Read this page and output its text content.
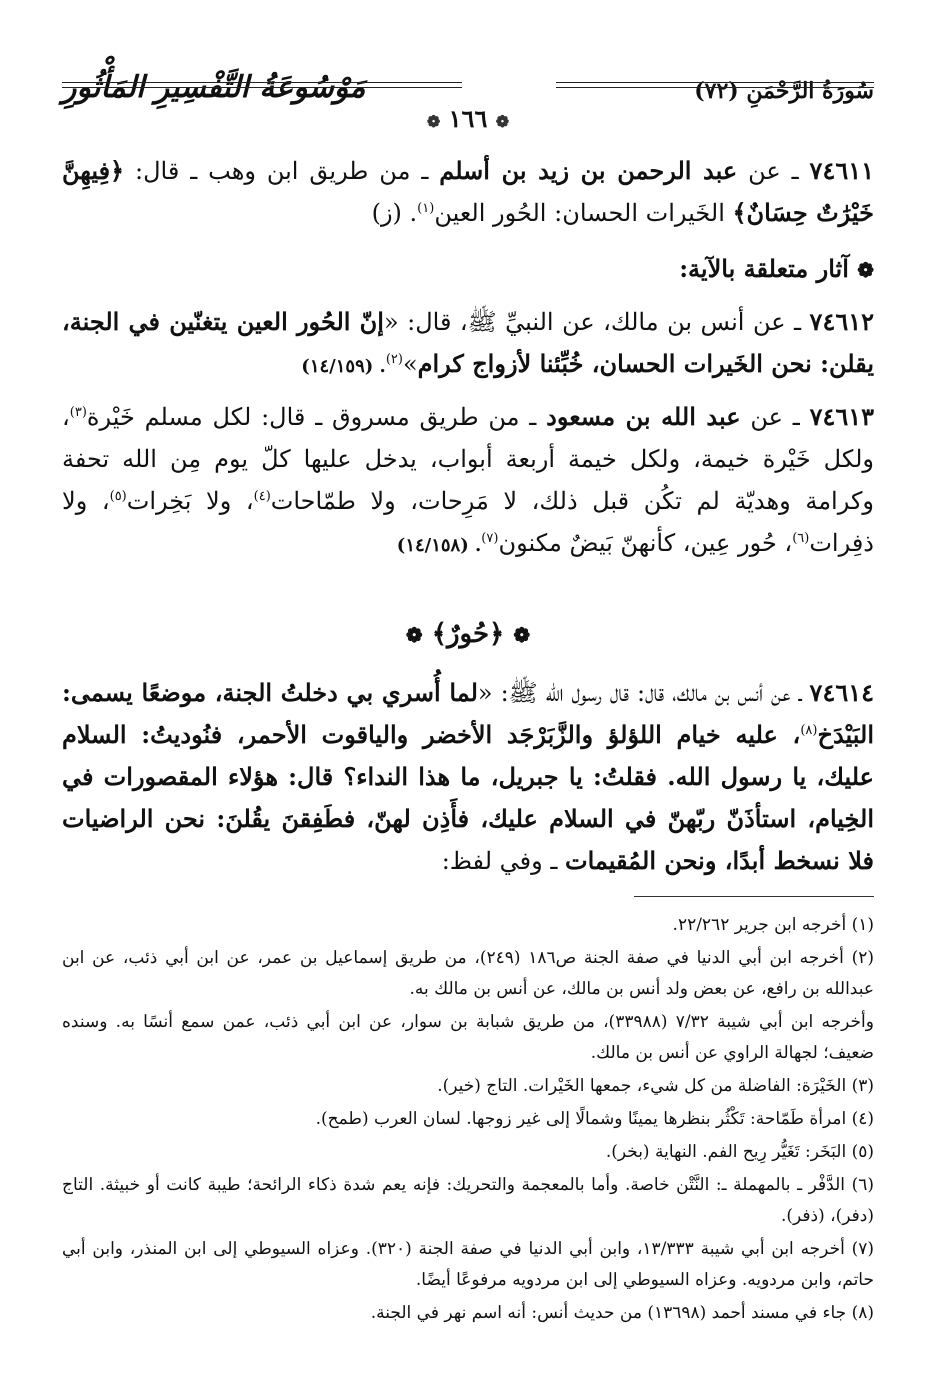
سُورَةُ الرَّحْمَنِ (٧٢)
مَوْسُوعَةُ التَّفْسِيرِ المَأْثُورِ
❁ ١٦٦ ❁

٧٤٦١١ ـ عن عبد الرحمن بن زيد بن أسلم ـ من طريق ابن وهب ـ قال: ﴿فِيهِنَّ خَيْرَٰتٌ حِسَانٌ﴾ الخَيرات الحسان: الحُور العين$^{(١)}$. (ز)

❁ آثار متعلقة بالآية:

٧٤٦١٢ ـ عن أنس بن مالك، عن النبيِّ ﷺ، قال: «إنّ الحُور العين يتغنّين في الجنة، يقلن: نحن الخَيرات الحسان، خُبِّئنا لأزواج كرام»$^{(٢)}$. (١٤/١٥٩)

٧٤٦١٣ ـ عن عبد الله بن مسعود ـ من طريق مسروق ـ قال: لكل مسلم خَيْرة$^{(٣)}$، ولكل خَيْرة خيمة، ولكل خيمة أربعة أبواب، يدخل عليها كلّ يوم مِن الله تحفة وكرامة وهديّة لم تكُن قبل ذلك، لا مَرِحات، ولا طمّاحات$^{(٤)}$، ولا بَخِرات$^{(٥)}$، ولا ذفِرات$^{(٦)}$، حُور عِين، كأنهنّ بَيضٌ مكنون$^{(٧)}$. (١٤/١٥٨)

❁ ﴿حُورٌ﴾ ❁

٧٤٦١٤ ـ عن أنس بن مالك، قال: قال رسول الله ﷺ: «لما أُسري بي دخلتُ الجنة، موضعًا يسمى: البَيْدَخ$^{(٨)}$، عليه خيام اللؤلؤ والزَّبَرْجَد الأخضر والياقوت الأحمر، فنُوديتُ: السلام عليك، يا رسول الله. فقلتُ: يا جبريل، ما هذا النداء؟ قال: هؤلاء المقصورات في الخِيام، استأذَنّ ربّهنّ في السلام عليك، فأَذِن لهنّ، فطَفِقنَ يقُلنَ: نحن الراضيات فلا نسخط أبدًا، ونحن المُقيمات ـ وفي لفظ:

(١) أخرجه ابن جرير ٢٢/٢٦٢.

(٢) أخرجه ابن أبي الدنيا في صفة الجنة ص١٨٦ (٢٤٩)، من طريق إسماعيل بن عمر، عن ابن أبي ذئب، عن ابن عبدالله بن رافع، عن بعض ولد أنس بن مالك، عن أنس بن مالك به.

وأخرجه ابن أبي شيبة ٧/٣٢ (٣٣٩٨٨)، من طريق شبابة بن سوار، عن ابن أبي ذئب، عمن سمع أنسًا به. وسنده ضعيف؛ لجهالة الراوي عن أنس بن مالك.

(٣) الخَيْرَة: الفاضلة من كل شيء، جمعها الخَيْرات. التاج (خير).

(٤) امرأة طَمّاحة: تَكْثُر بنظرها يمينًا وشمالًا إلى غير زوجها. لسان العرب (طمح).

(٥) البَخَر: تَغَيُّر رِيح الفم. النهاية (بخر).

(٦) الدَّفْر ـ بالمهملة ـ: النَّتْن خاصة. وأما بالمعجمة والتحريك: فإنه يعم شدة ذكاء الرائحة؛ طيبة كانت أو خبيثة. التاج (دفر)، (ذفر).

(٧) أخرجه ابن أبي شيبة ١٣/٣٣٣، وابن أبي الدنيا في صفة الجنة (٣٢٠). وعزاه السيوطي إلى ابن المنذر، وابن أبي حاتم، وابن مردويه. وعزاه السيوطي إلى ابن مردويه مرفوعًا أيضًا.

(٨) جاء في مسند أحمد (١٣٦٩٨) من حديث أنس: أنه اسم نهر في الجنة.
